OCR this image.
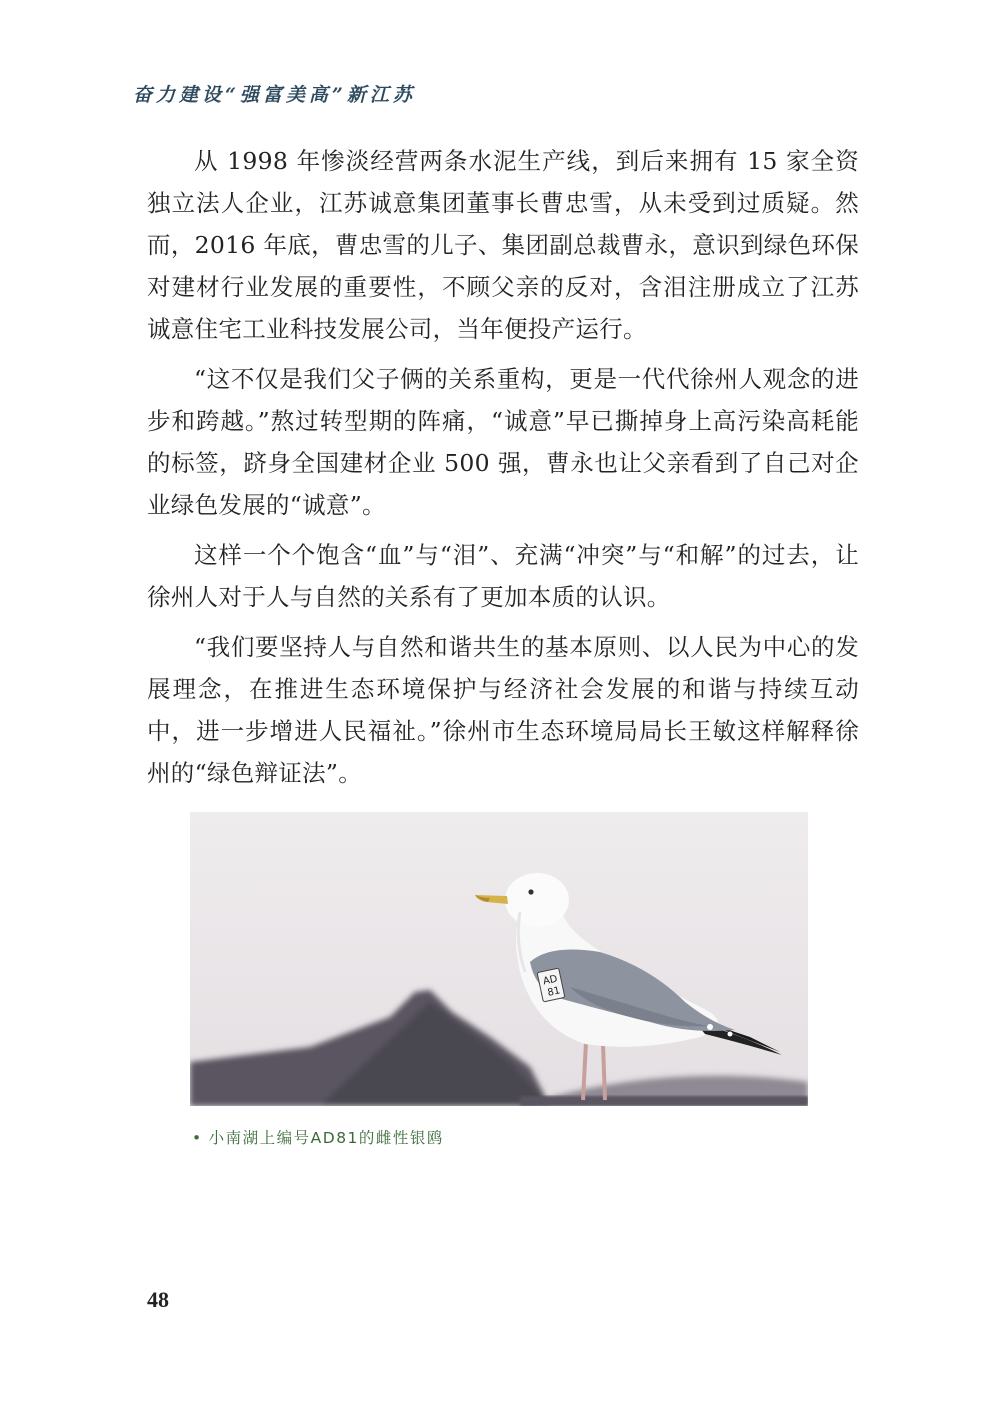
奋力建设“强富美高”新江苏

从 1998 年惨淡经营两条水泥生产线，到后来拥有 15 家全资独立法人企业，江苏诚意集团董事长曹忠雪，从未受到过质疑。然而，2016 年底，曹忠雪的儿子、集团副总裁曹永，意识到绿色环保对建材行业发展的重要性，不顾父亲的反对，含泪注册成立了江苏诚意住宅工业科技发展公司，当年便投产运行。

“这不仅是我们父子俩的关系重构，更是一代代徐州人观念的进步和跨越。”熬过转型期的阵痛，“诚意”早已撕掉身上高污染高耗能的标签，跻身全国建材企业 500 强，曹永也让父亲看到了自己对企业绿色发展的“诚意”。

这样一个个饱含“血”与“泪”、充满“冲突”与“和解”的过去，让徐州人对于人与自然的关系有了更加本质的认识。

“我们要坚持人与自然和谐共生的基本原则、以人民为中心的发展理念，在推进生态环境保护与经济社会发展的和谐与持续互动中，进一步增进人民福祉。”徐州市生态环境局局长王敏这样解释徐州的“绿色辩证法”。

AD
81
• 小南湖上编号AD81的雌性银鸥
48
